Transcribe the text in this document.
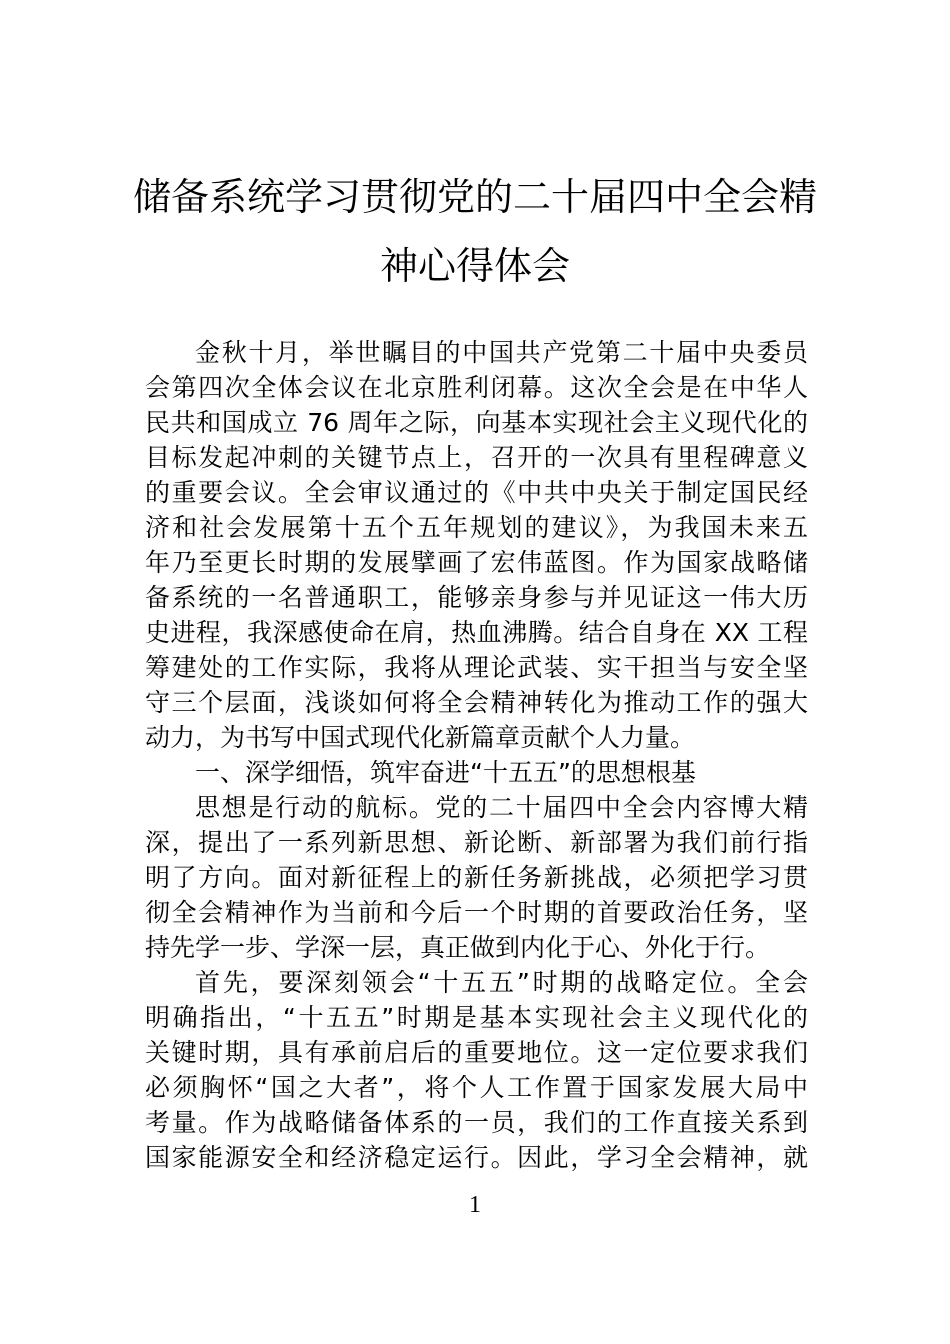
储备系统学习贯彻党的二十届四中全会精
神心得体会
金秋十月，举世瞩目的中国共产党第二十届中央委员
会第四次全体会议在北京胜利闭幕。这次全会是在中华人
民共和国成立 76 周年之际，向基本实现社会主义现代化的
目标发起冲刺的关键节点上，召开的一次具有里程碑意义
的重要会议。全会审议通过的《中共中央关于制定国民经
济和社会发展第十五个五年规划的建议》，为我国未来五
年乃至更长时期的发展擘画了宏伟蓝图。作为国家战略储
备系统的一名普通职工，能够亲身参与并见证这一伟大历
史进程，我深感使命在肩，热血沸腾。结合自身在 XX 工程
筹建处的工作实际，我将从理论武装、实干担当与安全坚
守三个层面，浅谈如何将全会精神转化为推动工作的强大
动力，为书写中国式现代化新篇章贡献个人力量。
一、深学细悟，筑牢奋进“十五五”的思想根基
思想是行动的航标。党的二十届四中全会内容博大精
深，提出了一系列新思想、新论断、新部署为我们前行指
明了方向。面对新征程上的新任务新挑战，必须把学习贯
彻全会精神作为当前和今后一个时期的首要政治任务，坚
持先学一步、学深一层，真正做到内化于心、外化于行。
首先，要深刻领会“十五五”时期的战略定位。全会
明确指出，“十五五”时期是基本实现社会主义现代化的
关键时期，具有承前启后的重要地位。这一定位要求我们
必须胸怀“国之大者”，将个人工作置于国家发展大局中
考量。作为战略储备体系的一员，我们的工作直接关系到
国家能源安全和经济稳定运行。因此，学习全会精神，就
1
